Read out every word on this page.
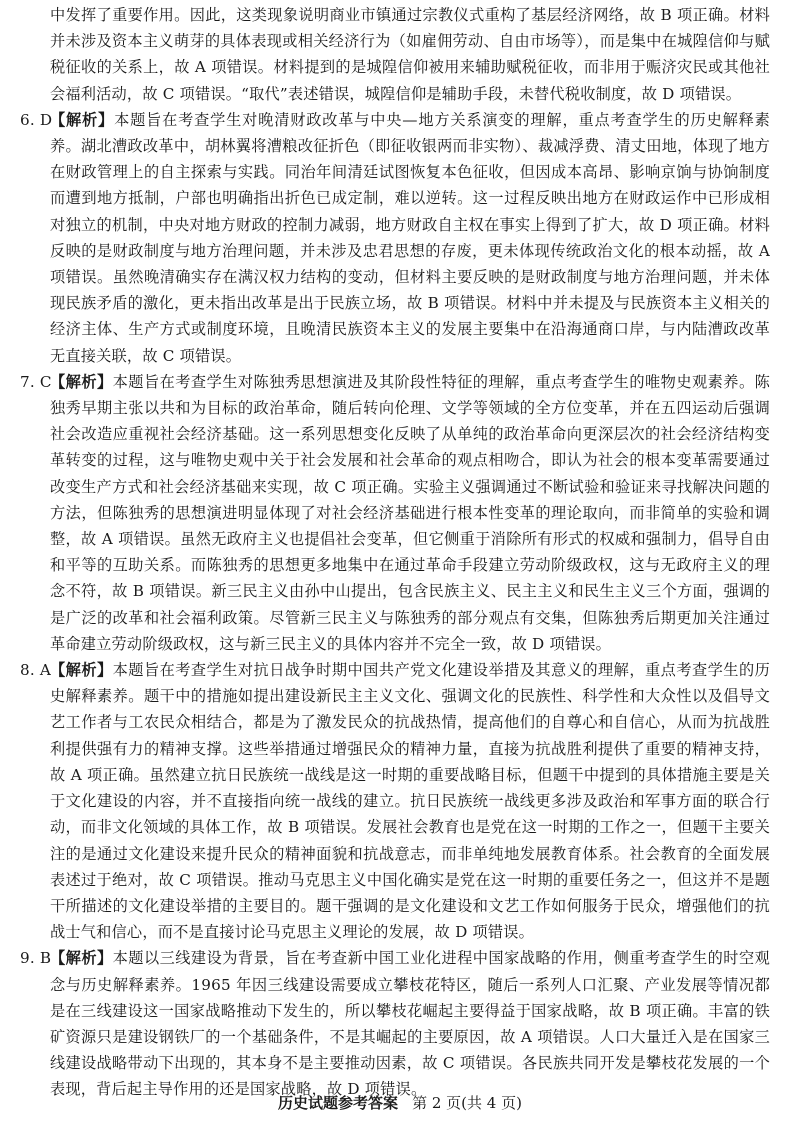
中发挥了重要作用。因此，这类现象说明商业市镇通过宗教仪式重构了基层经济网络，故 B 项正确。材料并未涉及资本主义萌芽的具体表现或相关经济行为（如雇佣劳动、自由市场等），而是集中在城隍信仰与赋税征收的关系上，故 A 项错误。材料提到的是城隍信仰被用来辅助赋税征收，而非用于赈济灾民或其他社会福利活动，故 C 项错误。“取代”表述错误，城隍信仰是辅助手段，未替代税收制度，故 D 项错误。

6. D
【解析】本题旨在考查学生对晚清财政改革与中央—地方关系演变的理解，重点考查学生的历史解释素养。湖北漕政改革中，胡林翼将漕粮改征折色（即征收银两而非实物）、裁减浮费、清丈田地，体现了地方在财政管理上的自主探索与实践。同治年间清廷试图恢复本色征收，但因成本高昂、影响京饷与协饷制度而遭到地方抵制，户部也明确指出折色已成定制，难以逆转。这一过程反映出地方在财政运作中已形成相对独立的机制，中央对地方财政的控制力减弱，地方财政自主权在事实上得到了扩大，故 D 项正确。材料反映的是财政制度与地方治理问题，并未涉及忠君思想的存废，更未体现传统政治文化的根本动摇，故 A 项错误。虽然晚清确实存在满汉权力结构的变动，但材料主要反映的是财政制度与地方治理问题，并未体现民族矛盾的激化，更未指出改革是出于民族立场，故 B 项错误。材料中并未提及与民族资本主义相关的经济主体、生产方式或制度环境，且晚清民族资本主义的发展主要集中在沿海通商口岸，与内陆漕政改革无直接关联，故 C 项错误。

7. C
【解析】本题旨在考查学生对陈独秀思想演进及其阶段性特征的理解，重点考查学生的唯物史观素养。陈独秀早期主张以共和为目标的政治革命，随后转向伦理、文学等领域的全方位变革，并在五四运动后强调社会改造应重视社会经济基础。这一系列思想变化反映了从单纯的政治革命向更深层次的社会经济结构变革转变的过程，这与唯物史观中关于社会发展和社会革命的观点相吻合，即认为社会的根本变革需要通过改变生产方式和社会经济基础来实现，故 C 项正确。实验主义强调通过不断试验和验证来寻找解决问题的方法，但陈独秀的思想演进明显体现了对社会经济基础进行根本性变革的理论取向，而非简单的实验和调整，故 A 项错误。虽然无政府主义也提倡社会变革，但它侧重于消除所有形式的权威和强制力，倡导自由和平等的互助关系。而陈独秀的思想更多地集中在通过革命手段建立劳动阶级政权，这与无政府主义的理念不符，故 B 项错误。新三民主义由孙中山提出，包含民族主义、民主主义和民生主义三个方面，强调的是广泛的改革和社会福利政策。尽管新三民主义与陈独秀的部分观点有交集，但陈独秀后期更加关注通过革命建立劳动阶级政权，这与新三民主义的具体内容并不完全一致，故 D 项错误。

8. A
【解析】本题旨在考查学生对抗日战争时期中国共产党文化建设举措及其意义的理解，重点考查学生的历史解释素养。题干中的措施如提出建设新民主主义文化、强调文化的民族性、科学性和大众性以及倡导文艺工作者与工农民众相结合，都是为了激发民众的抗战热情，提高他们的自尊心和自信心，从而为抗战胜利提供强有力的精神支撑。这些举措通过增强民众的精神力量，直接为抗战胜利提供了重要的精神支持，故 A 项正确。虽然建立抗日民族统一战线是这一时期的重要战略目标，但题干中提到的具体措施主要是关于文化建设的内容，并不直接指向统一战线的建立。抗日民族统一战线更多涉及政治和军事方面的联合行动，而非文化领域的具体工作，故 B 项错误。发展社会教育也是党在这一时期的工作之一，但题干主要关注的是通过文化建设来提升民众的精神面貌和抗战意志，而非单纯地发展教育体系。社会教育的全面发展表述过于绝对，故 C 项错误。推动马克思主义中国化确实是党在这一时期的重要任务之一，但这并不是题干所描述的文化建设举措的主要目的。题干强调的是文化建设和文艺工作如何服务于民众，增强他们的抗战士气和信心，而不是直接讨论马克思主义理论的发展，故 D 项错误。

9. B
【解析】本题以三线建设为背景，旨在考查新中国工业化进程中国家战略的作用，侧重考查学生的时空观念与历史解释素养。1965 年因三线建设需要成立攀枝花特区，随后一系列人口汇聚、产业发展等情况都是在三线建设这一国家战略推动下发生的，所以攀枝花崛起主要得益于国家战略，故 B 项正确。丰富的铁矿资源只是建设钢铁厂的一个基础条件，不是其崛起的主要原因，故 A 项错误。人口大量迁入是在国家三线建设战略带动下出现的，其本身不是主要推动因素，故 C 项错误。各民族共同开发是攀枝花发展的一个表现，背后起主导作用的还是国家战略，故 D 项错误。

历史试题参考答案 第 2 页(共 4 页)
